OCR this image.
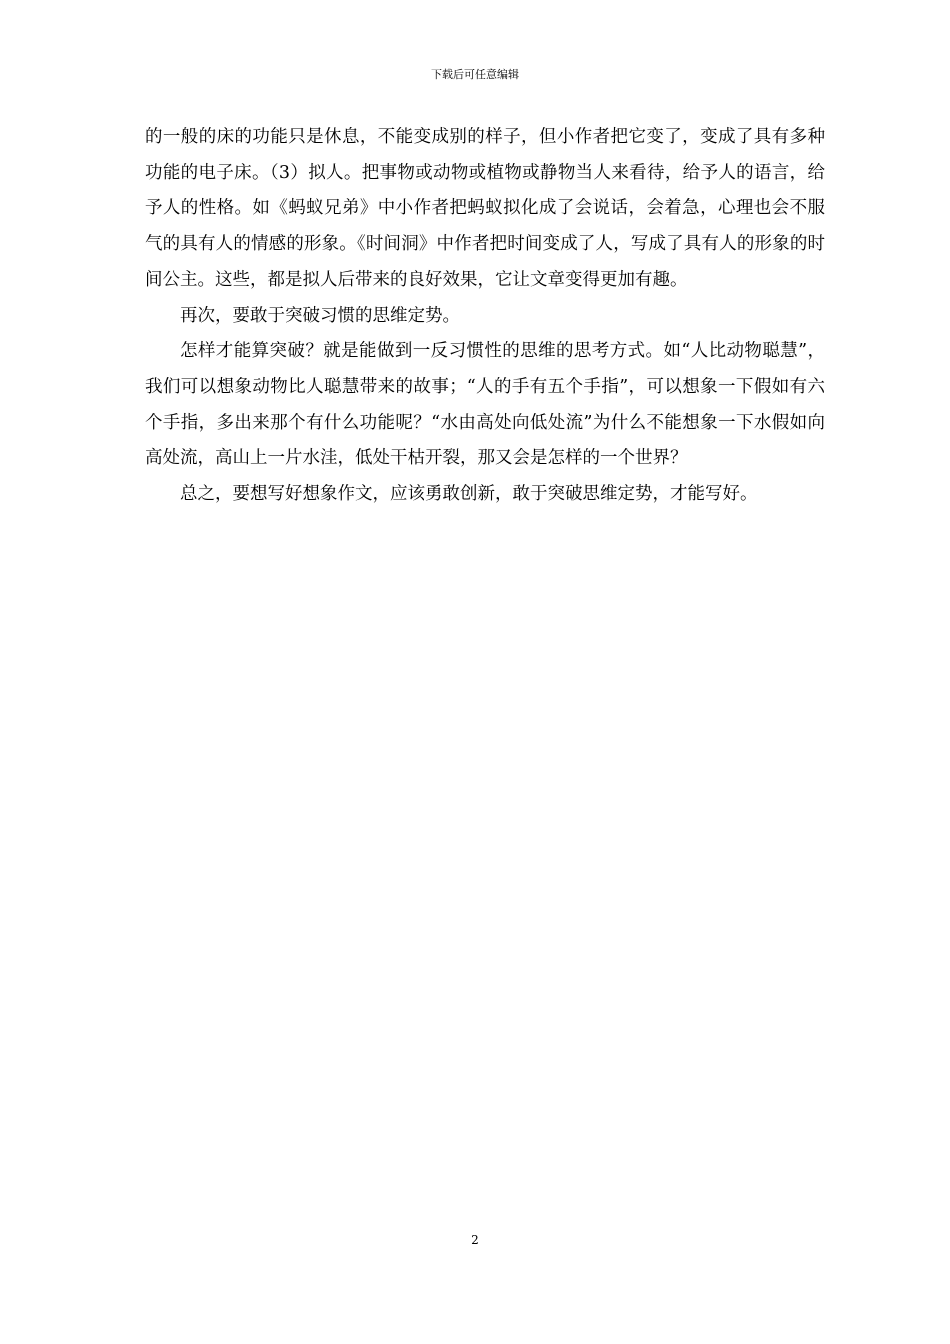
下载后可任意编辑

的一般的床的功能只是休息，不能变成别的样子，但小作者把它变了，变成了具有多种功能的电子床。（3）拟人。把事物或动物或植物或静物当人来看待，给予人的语言，给予人的性格。如《蚂蚁兄弟》中小作者把蚂蚁拟化成了会说话，会着急，心理也会不服气的具有人的情感的形象。《时间洞》中作者把时间变成了人，写成了具有人的形象的时间公主。这些，都是拟人后带来的良好效果，它让文章变得更加有趣。

再次，要敢于突破习惯的思维定势。

怎样才能算突破？就是能做到一反习惯性的思维的思考方式。如“人比动物聪慧”，我们可以想象动物比人聪慧带来的故事；“人的手有五个手指”，可以想象一下假如有六个手指，多出来那个有什么功能呢？“水由高处向低处流”为什么不能想象一下水假如向高处流，高山上一片水洼，低处干枯开裂，那又会是怎样的一个世界？

总之，要想写好想象作文，应该勇敢创新，敢于突破思维定势，才能写好。

2
